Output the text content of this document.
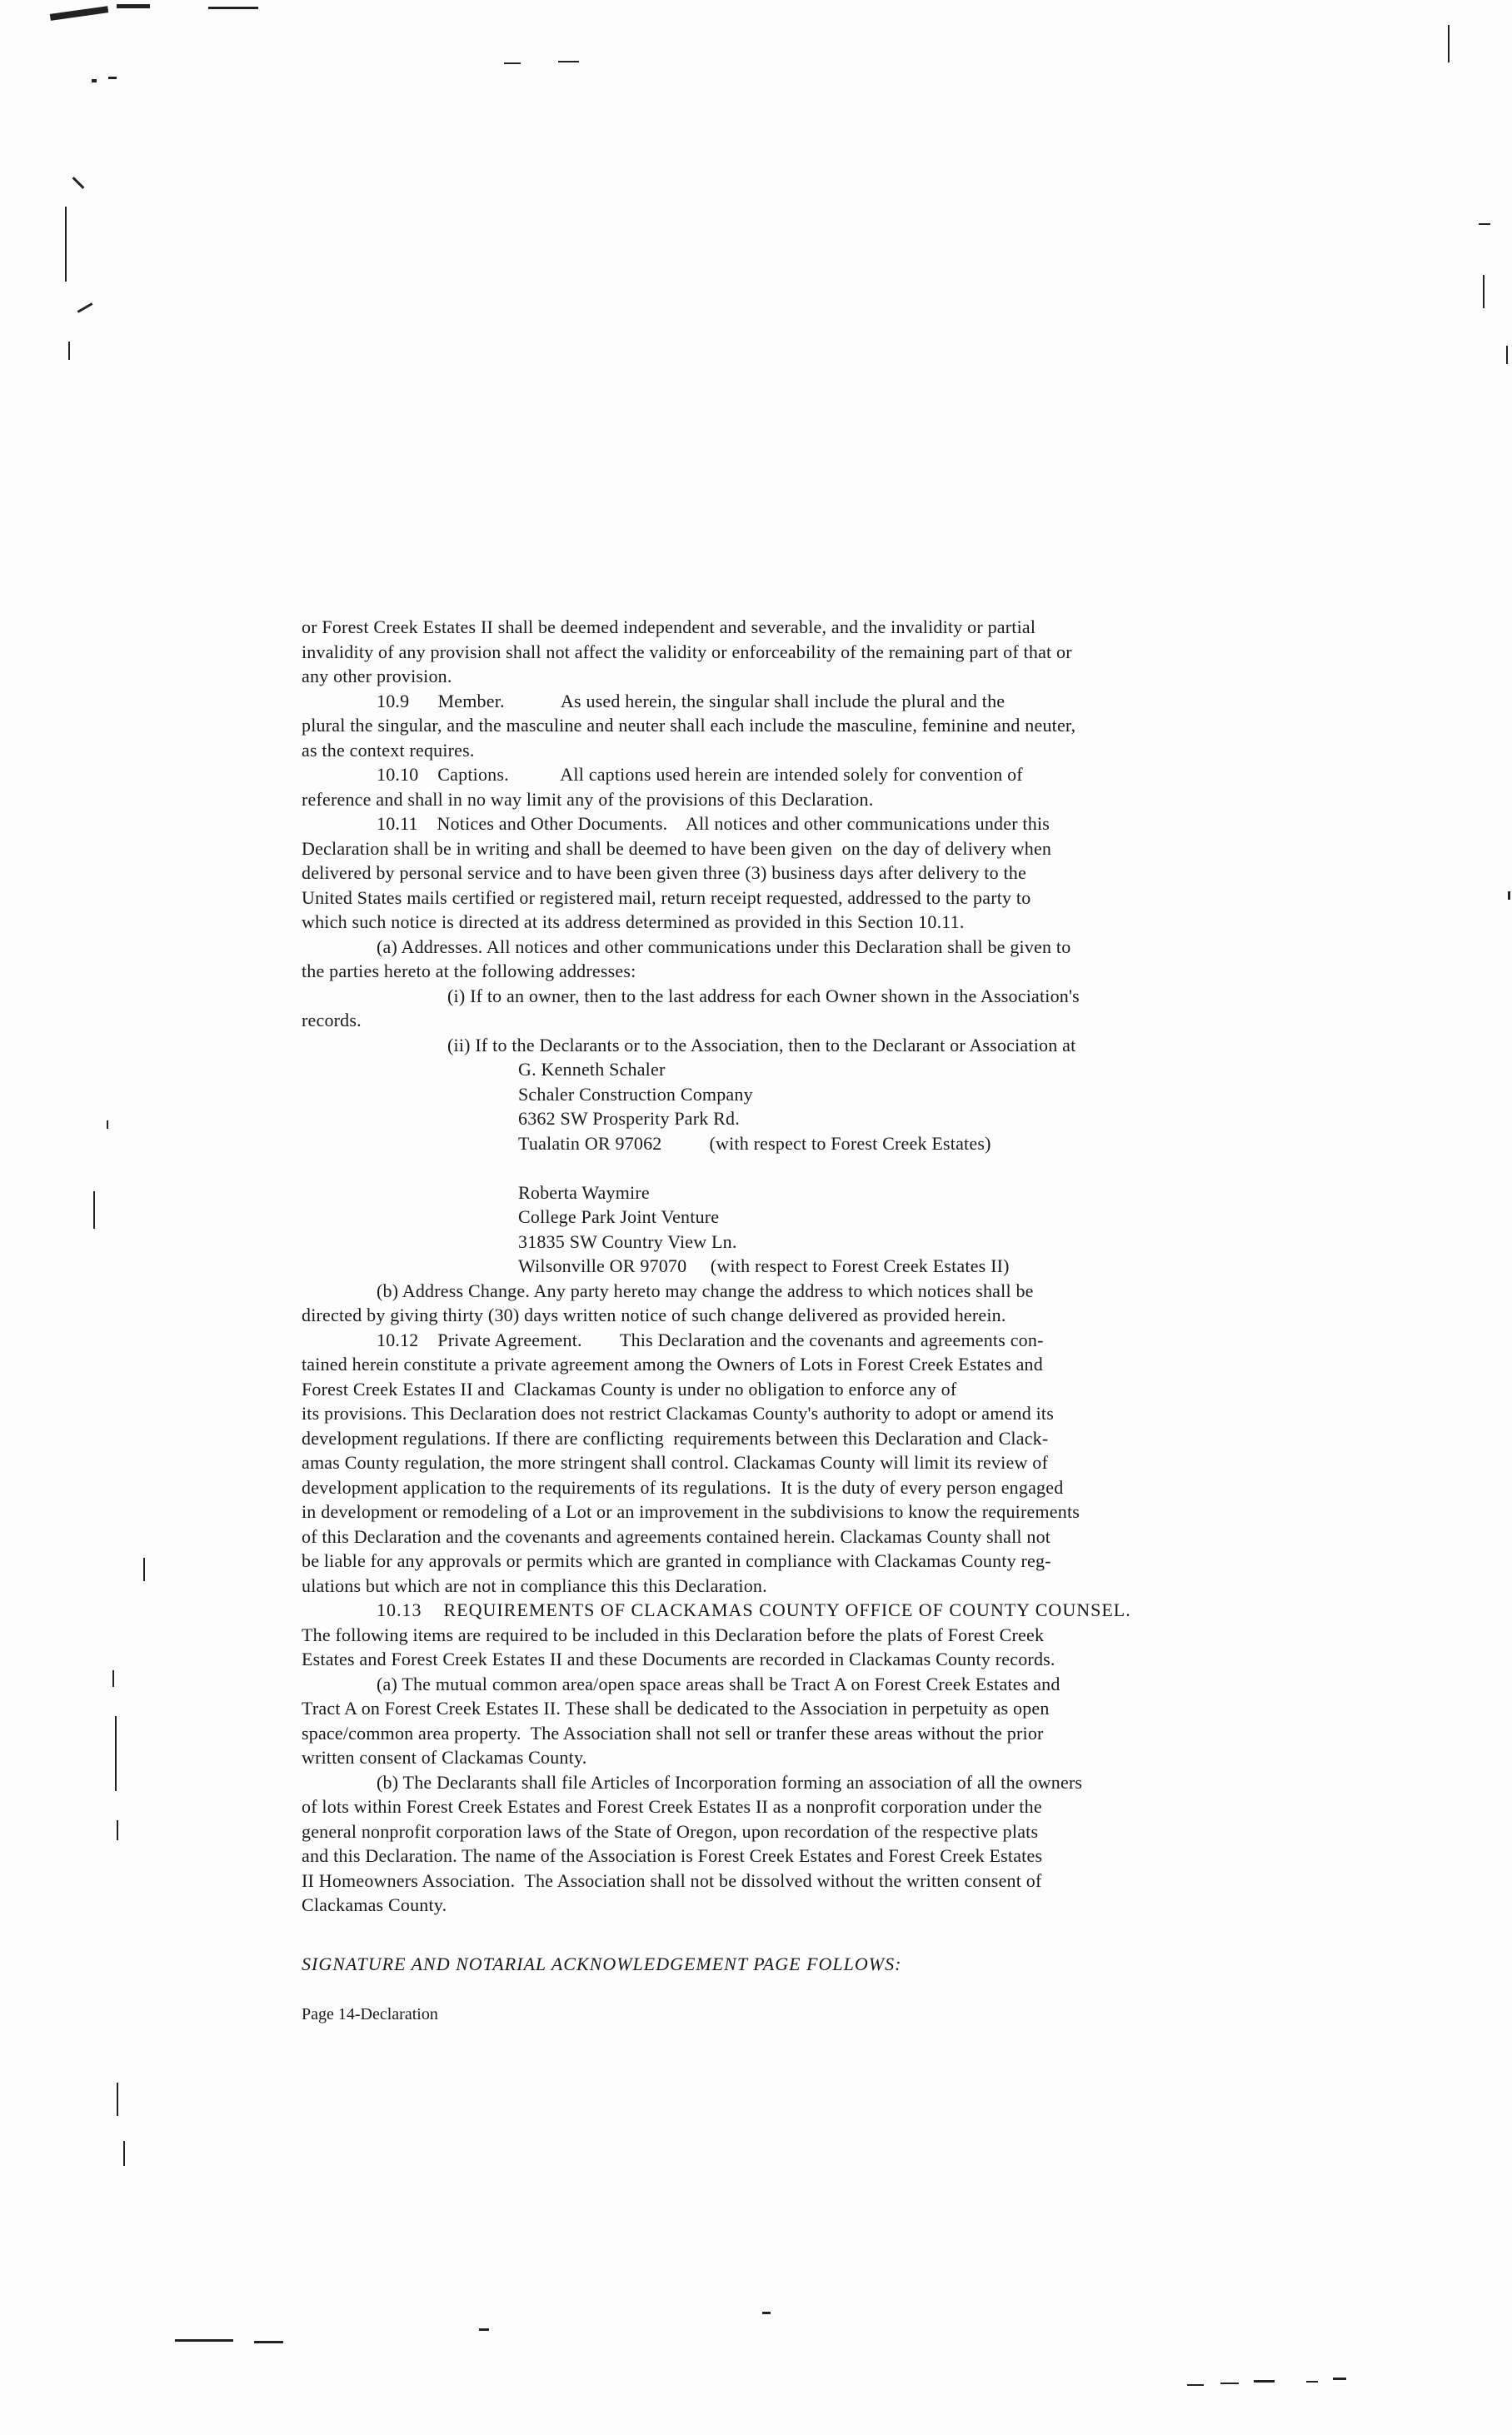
or Forest Creek Estates II shall be deemed independent and severable, and the invalidity or partial
invalidity of any provision shall not affect the validity or enforceability of the remaining part of that or
any other provision.
10.9      Member.            As used herein, the singular shall include the plural and the
plural the singular, and the masculine and neuter shall each include the masculine, feminine and neuter,
as the context requires.
10.10    Captions.           All captions used herein are intended solely for convention of
reference and shall in no way limit any of the provisions of this Declaration.
10.11    Notices and Other Documents.    All notices and other communications under this
Declaration shall be in writing and shall be deemed to have been given  on the day of delivery when
delivered by personal service and to have been given three (3) business days after delivery to the
United States mails certified or registered mail, return receipt requested, addressed to the party to
which such notice is directed at its address determined as provided in this Section 10.11.
(a) Addresses. All notices and other communications under this Declaration shall be given to
the parties hereto at the following addresses:
(i) If to an owner, then to the last address for each Owner shown in the Association's
records.
(ii) If to the Declarants or to the Association, then to the Declarant or Association at
G. Kenneth Schaler
Schaler Construction Company
6362 SW Prosperity Park Rd.
Tualatin OR 97062          (with respect to Forest Creek Estates)
Roberta Waymire
College Park Joint Venture
31835 SW Country View Ln.
Wilsonville OR 97070     (with respect to Forest Creek Estates II)
(b) Address Change. Any party hereto may change the address to which notices shall be
directed by giving thirty (30) days written notice of such change delivered as provided herein.
10.12    Private Agreement.        This Declaration and the covenants and agreements con-
tained herein constitute a private agreement among the Owners of Lots in Forest Creek Estates and
Forest Creek Estates II and  Clackamas County is under no obligation to enforce any of
its provisions. This Declaration does not restrict Clackamas County's authority to adopt or amend its
development regulations. If there are conflicting  requirements between this Declaration and Clack-
amas County regulation, the more stringent shall control. Clackamas County will limit its review of
development application to the requirements of its regulations.  It is the duty of every person engaged
in development or remodeling of a Lot or an improvement in the subdivisions to know the requirements
of this Declaration and the covenants and agreements contained herein. Clackamas County shall not
be liable for any approvals or permits which are granted in compliance with Clackamas County reg-
ulations but which are not in compliance this this Declaration.
10.13    REQUIREMENTS OF CLACKAMAS COUNTY OFFICE OF COUNTY COUNSEL.
The following items are required to be included in this Declaration before the plats of Forest Creek
Estates and Forest Creek Estates II and these Documents are recorded in Clackamas County records.
(a) The mutual common area/open space areas shall be Tract A on Forest Creek Estates and
Tract A on Forest Creek Estates II. These shall be dedicated to the Association in perpetuity as open
space/common area property.  The Association shall not sell or tranfer these areas without the prior
written consent of Clackamas County.
(b) The Declarants shall file Articles of Incorporation forming an association of all the owners
of lots within Forest Creek Estates and Forest Creek Estates II as a nonprofit corporation under the
general nonprofit corporation laws of the State of Oregon, upon recordation of the respective plats
and this Declaration. The name of the Association is Forest Creek Estates and Forest Creek Estates
II Homeowners Association.  The Association shall not be dissolved without the written consent of
Clackamas County.
SIGNATURE AND NOTARIAL ACKNOWLEDGEMENT PAGE FOLLOWS:
Page 14-Declaration
